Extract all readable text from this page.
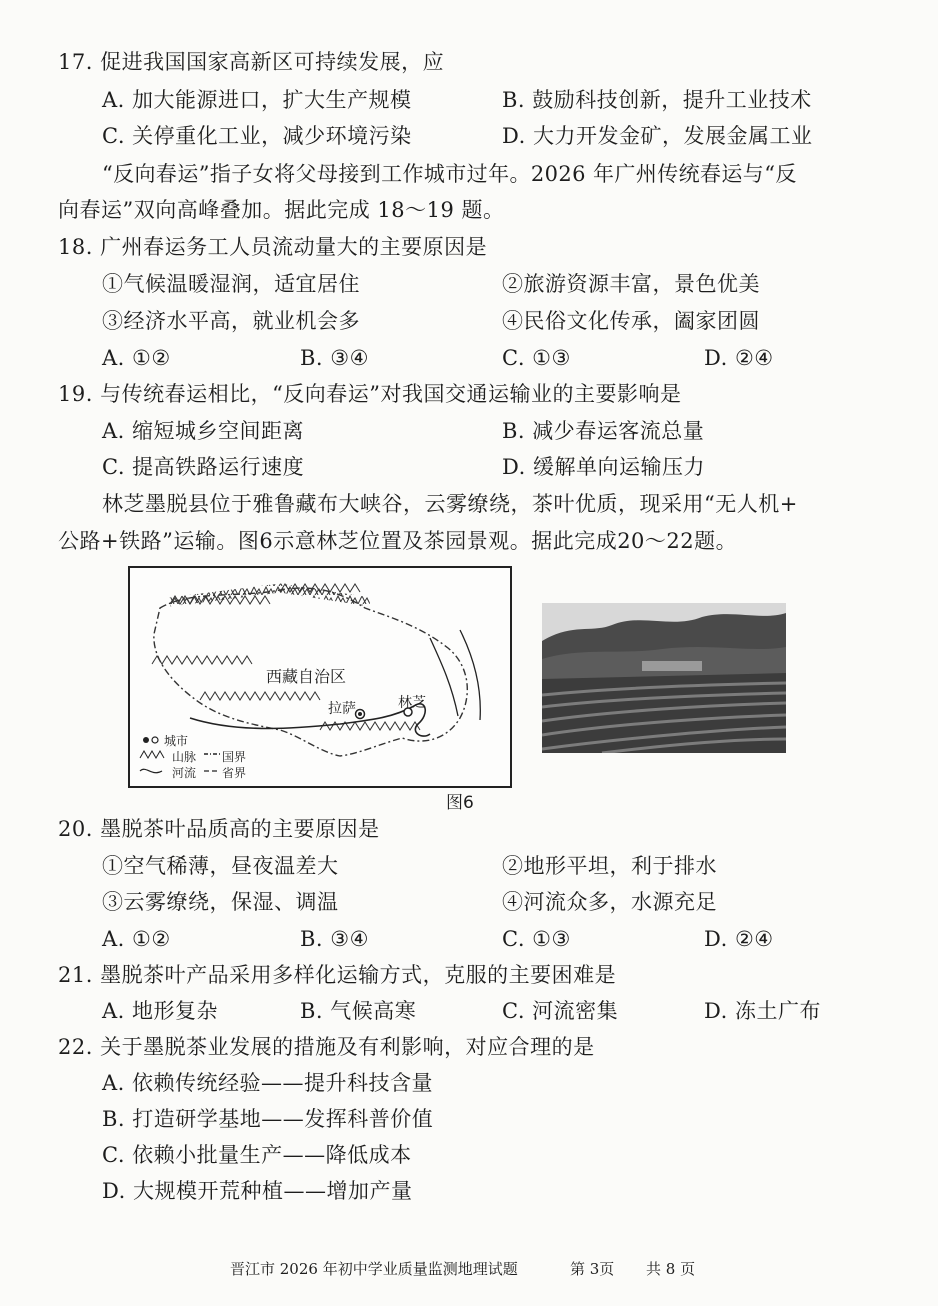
17. 促进我国国家高新区可持续发展，应
A. 加大能源进口，扩大生产规模	B. 鼓励科技创新，提升工业技术
C. 关停重化工业，减少环境污染	D. 大力开发金矿，发展金属工业
“反向春运”指子女将父母接到工作城市过年。2026 年广州传统春运与“反
向春运”双向高峰叠加。据此完成 18～19 题。
18. 广州春运务工人员流动量大的主要原因是
①气候温暖湿润，适宜居住	②旅游资源丰富，景色优美
③经济水平高，就业机会多	④民俗文化传承，阖家团圆
A. ①②	B. ③④	C. ①③	D. ②④
19. 与传统春运相比，“反向春运”对我国交通运输业的主要影响是
A. 缩短城乡空间距离	B. 减少春运客流总量
C. 提高铁路运行速度	D. 缓解单向运输压力
林芝墨脱县位于雅鲁藏布大峡谷，云雾缭绕，茶叶优质，现采用“无人机+
公路+铁路”运输。图6示意林芝位置及茶园景观。据此完成20～22题。
西藏自治区
拉萨	林芝
城市
山脉 国界
河流 省界
图6
20. 墨脱茶叶品质高的主要原因是
①空气稀薄，昼夜温差大	②地形平坦，利于排水
③云雾缭绕，保湿、调温	④河流众多，水源充足
A. ①②	B. ③④	C. ①③	D. ②④
21. 墨脱茶叶产品采用多样化运输方式，克服的主要困难是
A. 地形复杂	B. 气候高寒	C. 河流密集	D. 冻土广布
22. 关于墨脱茶业发展的措施及有利影响，对应合理的是
A. 依赖传统经验——提升科技含量
B. 打造研学基地——发挥科普价值
C. 依赖小批量生产——降低成本
D. 大规模开荒种植——增加产量
晋江市 2026 年初中学业质量监测地理试题	第 3页 共 8 页
